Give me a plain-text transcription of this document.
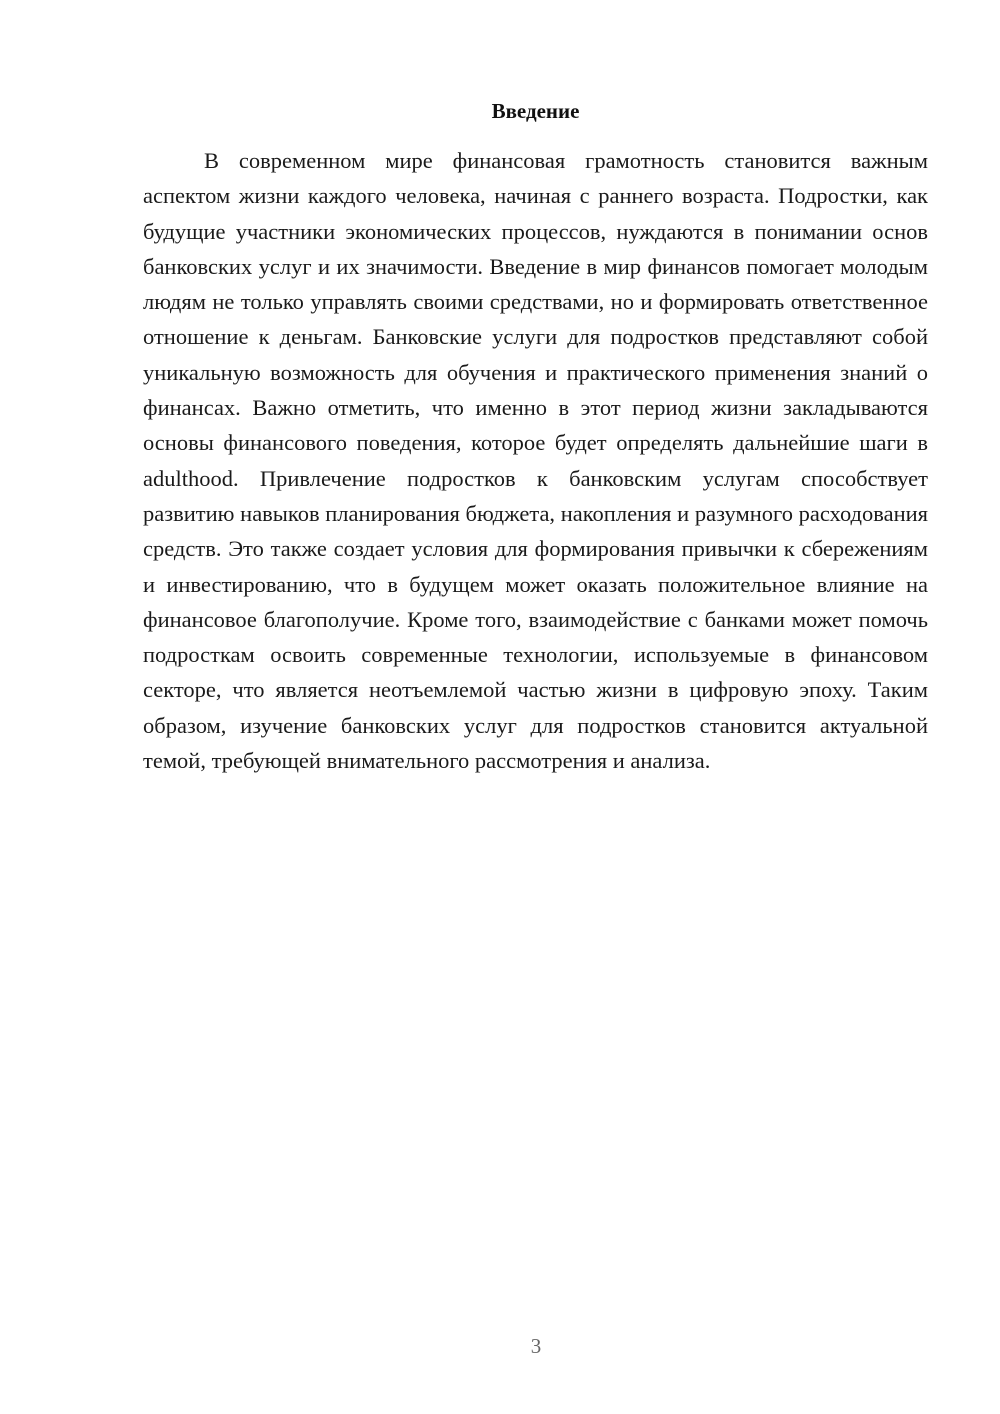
Введение

В современном мире финансовая грамотность становится важным аспектом жизни каждого человека, начиная с раннего возраста. Подростки, как будущие участники экономических процессов, нуждаются в понимании основ банковских услуг и их значимости. Введение в мир финансов помогает молодым людям не только управлять своими средствами, но и формировать ответственное отношение к деньгам. Банковские услуги для подростков представляют собой уникальную возможность для обучения и практического применения знаний о финансах. Важно отметить, что именно в этот период жизни закладываются основы финансового поведения, которое будет определять дальнейшие шаги в adulthood. Привлечение подростков к банковским услугам способствует развитию навыков планирования бюджета, накопления и разумного расходования средств. Это также создает условия для формирования привычки к сбережениям и инвестированию, что в будущем может оказать положительное влияние на финансовое благополучие. Кроме того, взаимодействие с банками может помочь подросткам освоить современные технологии, используемые в финансовом секторе, что является неотъемлемой частью жизни в цифровую эпоху. Таким образом, изучение банковских услуг для подростков становится актуальной темой, требующей внимательного рассмотрения и анализа.

3
